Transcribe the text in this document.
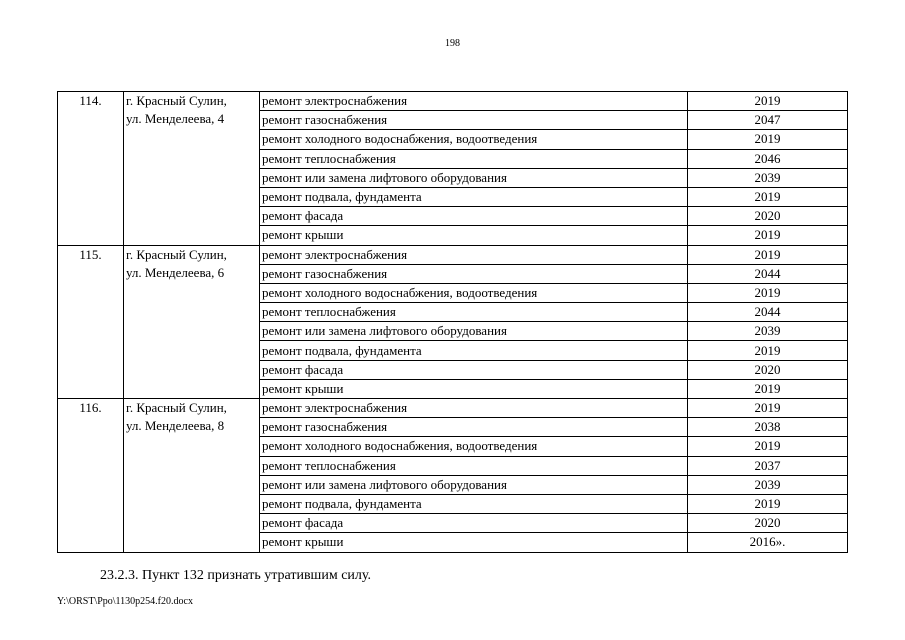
198
114.	г. Красный Сулин,
ул. Менделеева, 4	ремонт электроснабжения	2019
		ремонт газоснабжения	2047
		ремонт холодного водоснабжения, водоотведения	2019
		ремонт теплоснабжения	2046
		ремонт или замена лифтового оборудования	2039
		ремонт подвала, фундамента	2019
		ремонт фасада	2020
		ремонт крыши	2019
115.	г. Красный Сулин,
ул. Менделеева, 6	ремонт электроснабжения	2019
		ремонт газоснабжения	2044
		ремонт холодного водоснабжения, водоотведения	2019
		ремонт теплоснабжения	2044
		ремонт или замена лифтового оборудования	2039
		ремонт подвала, фундамента	2019
		ремонт фасада	2020
		ремонт крыши	2019
116.	г. Красный Сулин,
ул. Менделеева, 8	ремонт электроснабжения	2019
		ремонт газоснабжения	2038
		ремонт холодного водоснабжения, водоотведения	2019
		ремонт теплоснабжения	2037
		ремонт или замена лифтового оборудования	2039
		ремонт подвала, фундамента	2019
		ремонт фасада	2020
		ремонт крыши	2016».
23.2.3. Пункт 132 признать утратившим силу.
Y:\ORST\Ppo\1130p254.f20.docx
